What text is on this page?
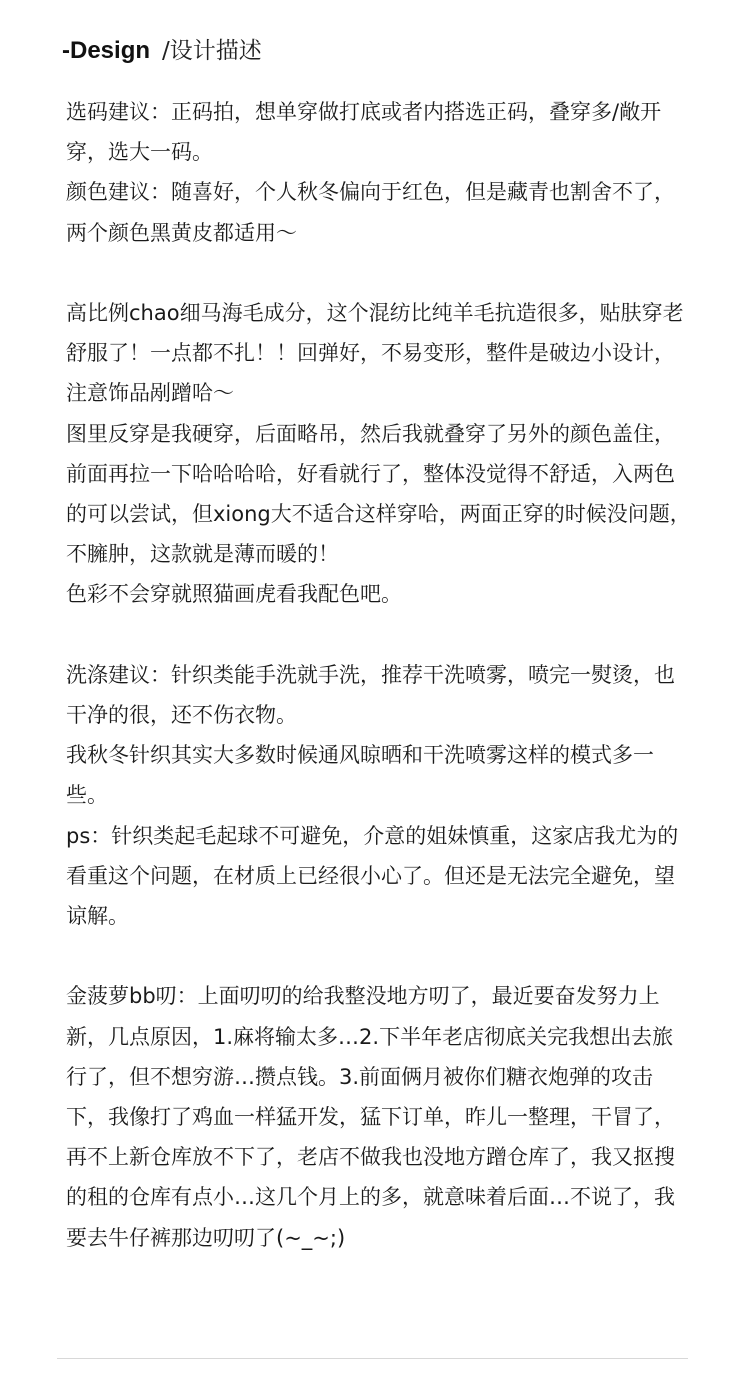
-Design /设计描述

选码建议：正码拍，想单穿做打底或者内搭选正码，叠穿多/敞开穿，选大一码。

颜色建议：随喜好，个人秋冬偏向于红色，但是藏青也割舍不了，两个颜色黑黄皮都适用～

高比例chao细马海毛成分，这个混纺比纯羊毛抗造很多，贴肤穿老舒服了！一点都不扎！！回弹好，不易变形，整件是破边小设计，注意饰品剐蹭哈～

图里反穿是我硬穿，后面略吊，然后我就叠穿了另外的颜色盖住，前面再拉一下哈哈哈哈，好看就行了，整体没觉得不舒适，入两色的可以尝试，但xiong大不适合这样穿哈，两面正穿的时候没问题，不臃肿，这款就是薄而暖的！

色彩不会穿就照猫画虎看我配色吧。

洗涤建议：针织类能手洗就手洗，推荐干洗喷雾，喷完一熨烫，也干净的很，还不伤衣物。

我秋冬针织其实大多数时候通风晾晒和干洗喷雾这样的模式多一些。

ps：针织类起毛起球不可避免，介意的姐妹慎重，这家店我尤为的看重这个问题，在材质上已经很小心了。但还是无法完全避免，望谅解。

金菠萝bb叨：上面叨叨的给我整没地方叨了，最近要奋发努力上新，几点原因，1.麻将输太多…2.下半年老店彻底关完我想出去旅行了，但不想穷游…攒点钱。3.前面俩月被你们糖衣炮弹的攻击下，我像打了鸡血一样猛开发，猛下订单，昨儿一整理，干冒了，再不上新仓库放不下了，老店不做我也没地方蹭仓库了，我又抠搜的租的仓库有点小…这几个月上的多，就意味着后面…不说了，我要去牛仔裤那边叨叨了(~_~;)
